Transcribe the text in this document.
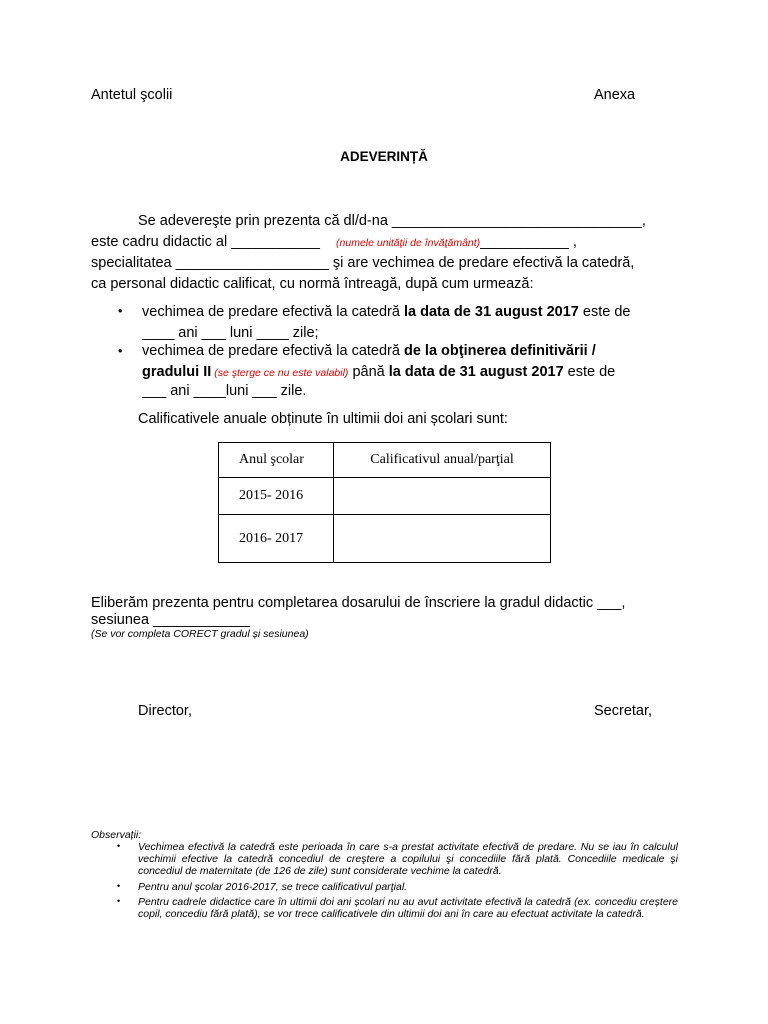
Antetul şcolii	Anexa
ADEVERINȚĂ
Se adevereşte prin prezenta că dl/d-na _______________________________,
este cadru didactic al ___________ (numele unităţii de învăţământ)___________ ,
specialitatea ___________________ şi are vechimea de predare efectivă la catedră,
ca personal didactic calificat, cu normă întreagă, după cum urmează:
• vechimea de predare efectivă la catedră la data de 31 august 2017 este de
____ ani ___ luni ____ zile;
• vechimea de predare efectivă la catedră de la obţinerea definitivării /
gradului II (se şterge ce nu este valabil) până la data de 31 august 2017 este de
___ ani ____luni ___ zile.
Calificativele anuale obținute în ultimii doi ani școlari sunt:
Anul şcolar	Calificativul anual/parţial
2015- 2016	
2016- 2017	
Eliberăm prezenta pentru completarea dosarului de înscriere la gradul didactic ___,
sesiunea ____________
(Se vor completa CORECT gradul și sesiunea)
Director,	Secretar,
Observații:
• Vechimea efectivă la catedră este perioada în care s-a prestat activitate efectivă de predare. Nu se iau în calculul vechimii efective la catedră concediul de creştere a copilului şi concediile fără plată. Concediile medicale şi concediul de maternitate (de 126 de zile) sunt considerate vechime la catedră.
• Pentru anul şcolar 2016-2017, se trece calificativul parţial.
• Pentru cadrele didactice care în ultimii doi ani școlari nu au avut activitate efectivă la catedră (ex. concediu creștere copil, concediu fără plată), se vor trece calificativele din ultimii doi ani în care au efectuat activitate la catedră.
